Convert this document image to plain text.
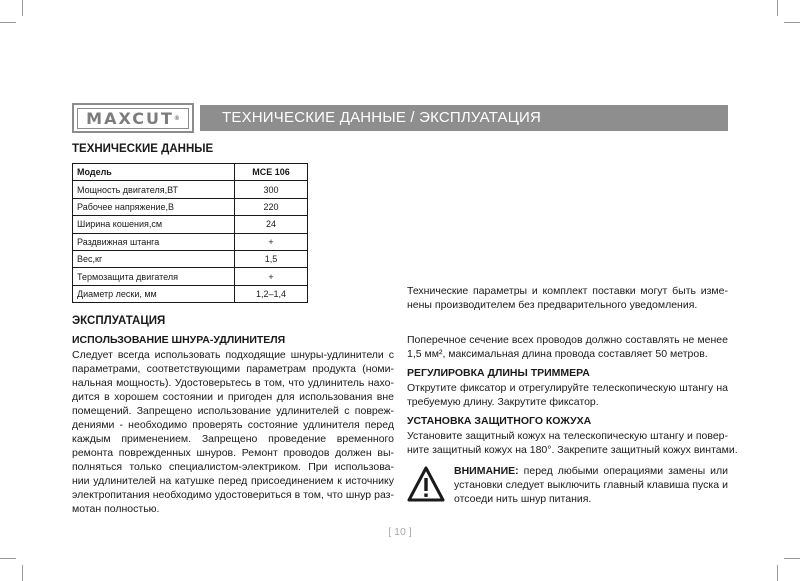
MAXCUT®	ТЕХНИЧЕСКИЕ ДАННЫЕ / ЭКСПЛУАТАЦИЯ
ТЕХНИЧЕСКИЕ ДАННЫЕ
Модель	MCE 106
Мощность двигателя,ВТ	300
Рабочее напряжение,В	220
Ширина кошения,см	24
Раздвижная штанга	+
Вес,кг	1,5
Термозащита двигателя	+
Диаметр лески, мм	1,2–1,4
ЭКСПЛУАТАЦИЯ
ИСПОЛЬЗОВАНИЕ ШНУРА-УДЛИНИТЕЛЯ
Следует всегда использовать подходящие шнуры-удлинители с
параметрами, соответствующими параметрам продукта (номи-
нальная мощность). Удостоверьтесь в том, что удлинитель нахо-
дится в хорошем состоянии и пригоден для использования вне
помещений. Запрещено использование удлинителей с повреж-
дениями - необходимо проверять состояние удлинителя перед
каждым применением. Запрещено проведение временного
ремонта поврежденных шнуров. Ремонт проводов должен вы-
полняться только специалистом-электриком. При использова-
нии удлинителей на катушке перед присоединением к источнику
электропитания необходимо удостовериться в том, что шнур раз-
мотан полностью.
Технические параметры и комплект поставки могут быть изме-
нены производителем без предварительного уведомления.
Поперечное сечение всех проводов должно составлять не менее
1,5 мм², максимальная длина провода составляет 50 метров.
РЕГУЛИРОВКА ДЛИНЫ ТРИММЕРА
Открутите фиксатор и отрегулируйте телескопическую штангу на
требуемую длину. Закрутите фиксатор.
УСТАНОВКА ЗАЩИТНОГО КОЖУХА
Установите защитный кожух на телескопическую штангу и повер-
ните защитный кожух на 180°. Закрепите защитный кожух винтами.
ВНИМАНИЕ: перед любыми операциями замены или установки следует выключить главный клавиша пуска и отсоеди нить шнур питания.
[ 10 ]
